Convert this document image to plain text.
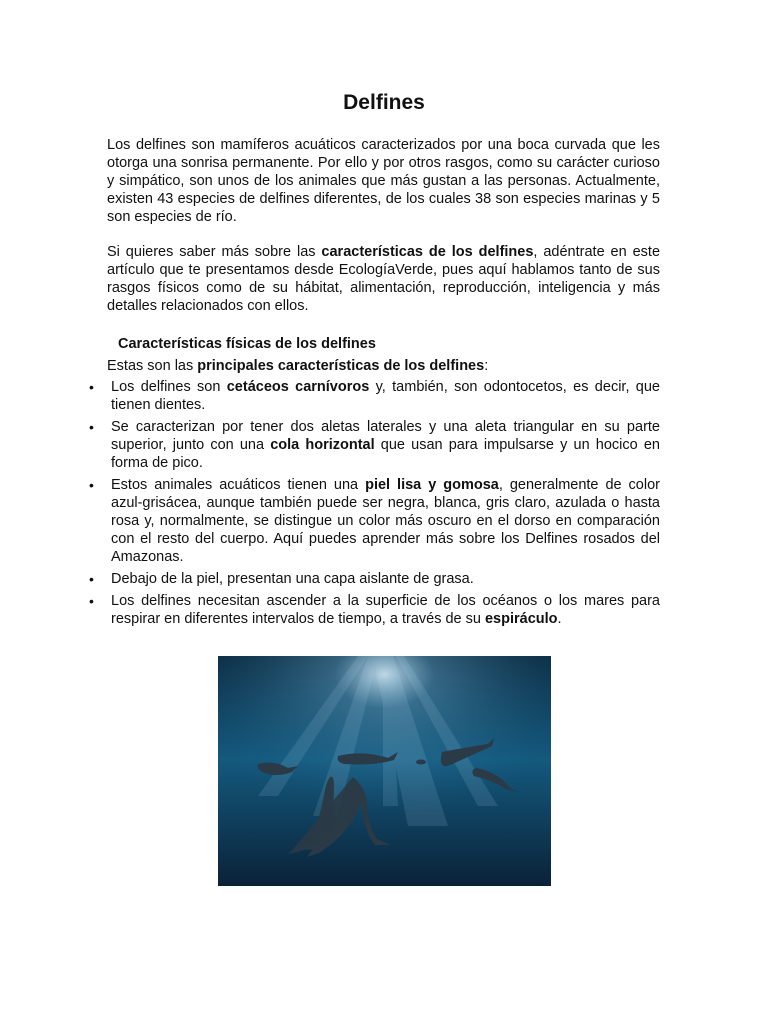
Delfines

Los delfines son mamíferos acuáticos caracterizados por una boca curvada que les otorga una sonrisa permanente. Por ello y por otros rasgos, como su carácter curioso y simpático, son unos de los animales que más gustan a las personas. Actualmente, existen 43 especies de delfines diferentes, de los cuales 38 son especies marinas y 5 son especies de río.

Si quieres saber más sobre las características de los delfines, adéntrate en este artículo que te presentamos desde EcologíaVerde, pues aquí hablamos tanto de sus rasgos físicos como de su hábitat, alimentación, reproducción, inteligencia y más detalles relacionados con ellos.

Características físicas de los delfines

Estas son las principales características de los delfines:

• Los delfines son cetáceos carnívoros y, también, son odontocetos, es decir, que tienen dientes.
• Se caracterizan por tener dos aletas laterales y una aleta triangular en su parte superior, junto con una cola horizontal que usan para impulsarse y un hocico en forma de pico.
• Estos animales acuáticos tienen una piel lisa y gomosa, generalmente de color azul-grisácea, aunque también puede ser negra, blanca, gris claro, azulada o hasta rosa y, normalmente, se distingue un color más oscuro en el dorso en comparación con el resto del cuerpo. Aquí puedes aprender más sobre los Delfines rosados del Amazonas.
• Debajo de la piel, presentan una capa aislante de grasa.
• Los delfines necesitan ascender a la superficie de los océanos o los mares para respirar en diferentes intervalos de tiempo, a través de su espiráculo.
